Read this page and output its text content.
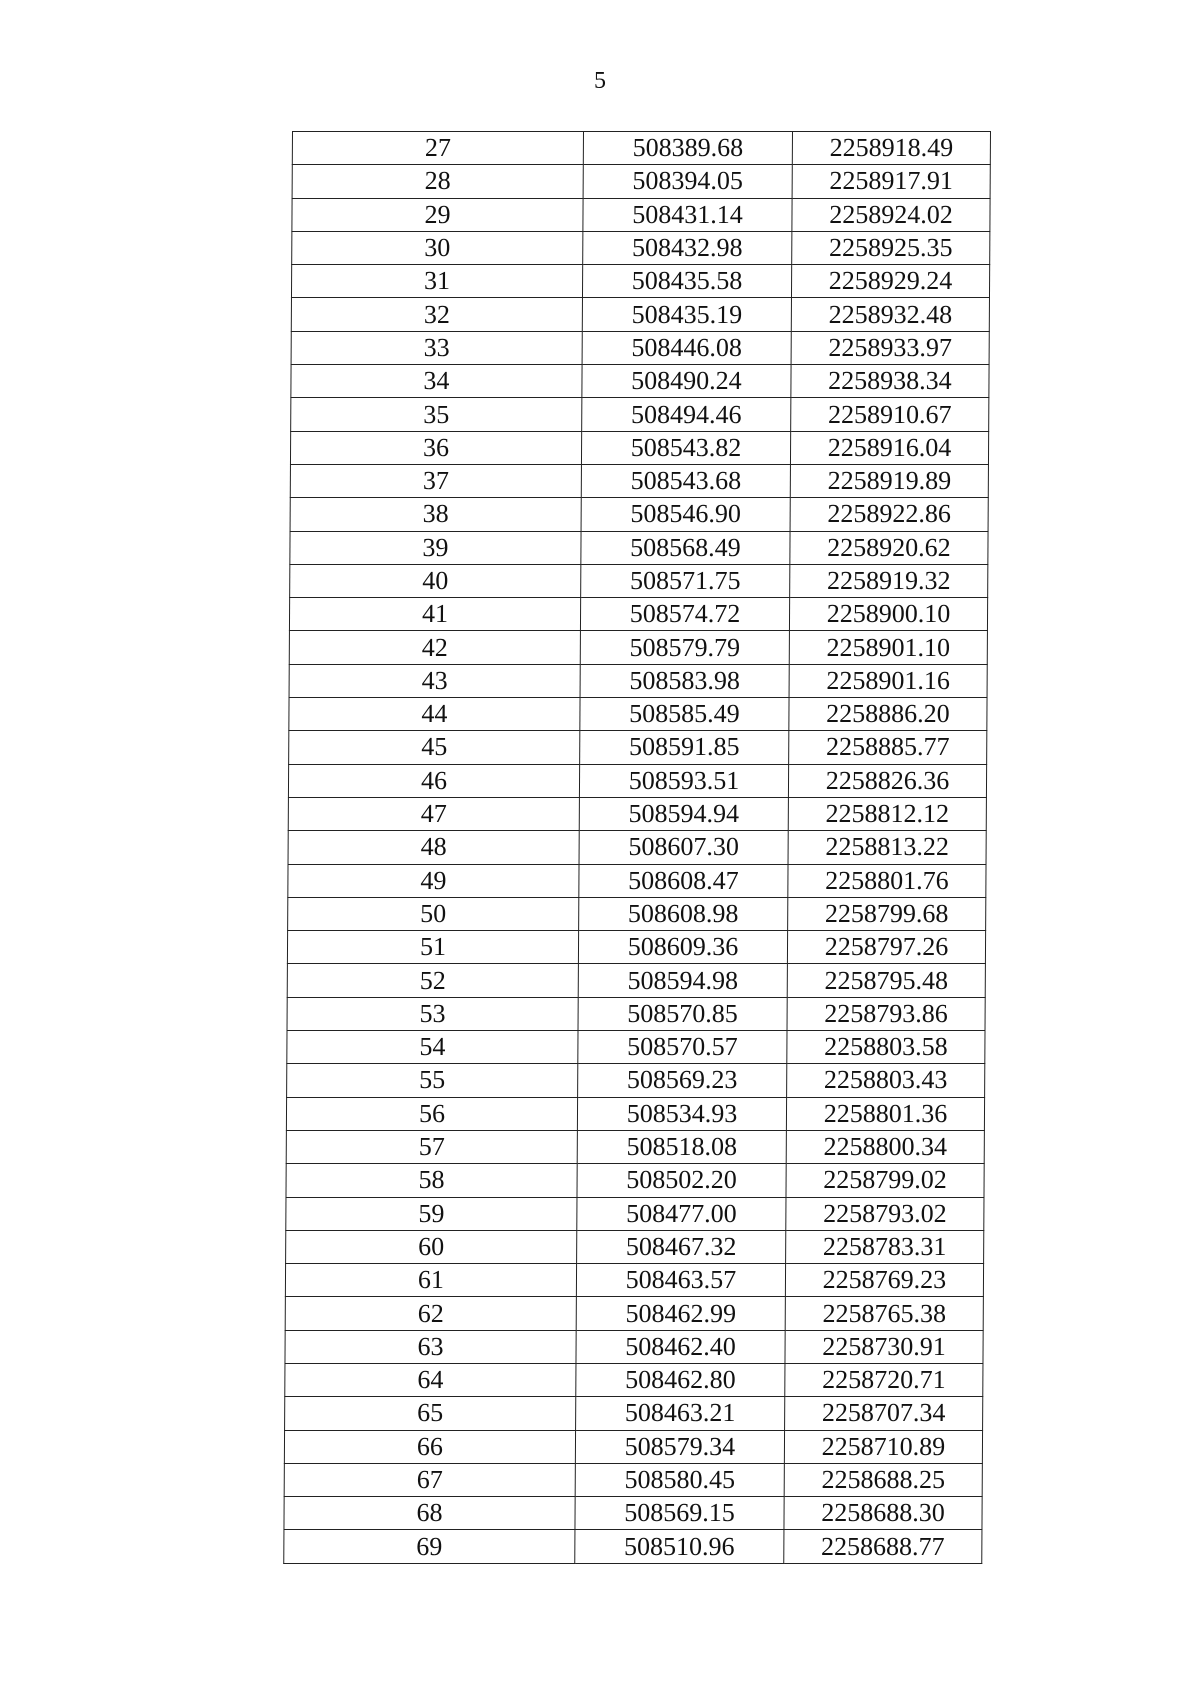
5
27	508389.68	2258918.49
28	508394.05	2258917.91
29	508431.14	2258924.02
30	508432.98	2258925.35
31	508435.58	2258929.24
32	508435.19	2258932.48
33	508446.08	2258933.97
34	508490.24	2258938.34
35	508494.46	2258910.67
36	508543.82	2258916.04
37	508543.68	2258919.89
38	508546.90	2258922.86
39	508568.49	2258920.62
40	508571.75	2258919.32
41	508574.72	2258900.10
42	508579.79	2258901.10
43	508583.98	2258901.16
44	508585.49	2258886.20
45	508591.85	2258885.77
46	508593.51	2258826.36
47	508594.94	2258812.12
48	508607.30	2258813.22
49	508608.47	2258801.76
50	508608.98	2258799.68
51	508609.36	2258797.26
52	508594.98	2258795.48
53	508570.85	2258793.86
54	508570.57	2258803.58
55	508569.23	2258803.43
56	508534.93	2258801.36
57	508518.08	2258800.34
58	508502.20	2258799.02
59	508477.00	2258793.02
60	508467.32	2258783.31
61	508463.57	2258769.23
62	508462.99	2258765.38
63	508462.40	2258730.91
64	508462.80	2258720.71
65	508463.21	2258707.34
66	508579.34	2258710.89
67	508580.45	2258688.25
68	508569.15	2258688.30
69	508510.96	2258688.77
